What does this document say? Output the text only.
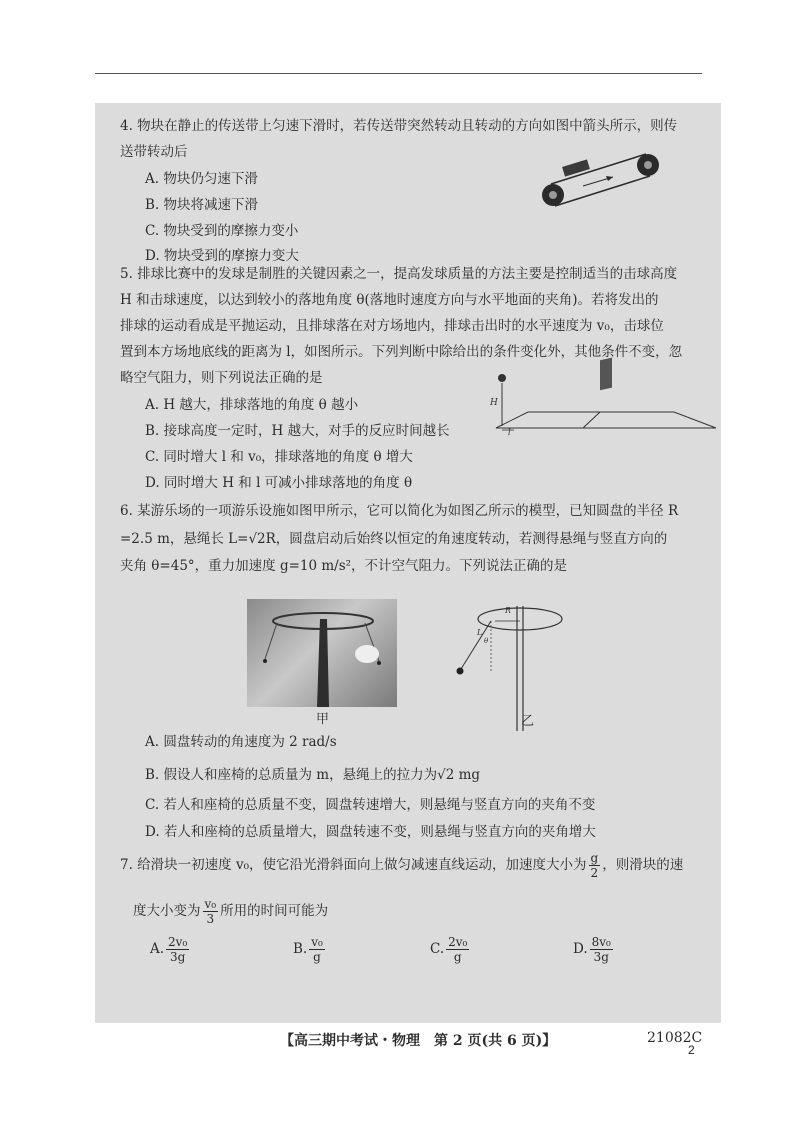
4. 物块在静止的传送带上匀速下滑时，若传送带突然转动且转动的方向如图中箭头所示，则传
送带转动后
A. 物块仍匀速下滑
B. 物块将减速下滑
C. 物块受到的摩擦力变小
D. 物块受到的摩擦力变大
5. 排球比赛中的发球是制胜的关键因素之一，提高发球质量的方法主要是控制适当的击球高度
H 和击球速度，以达到较小的落地角度 θ(落地时速度方向与水平地面的夹角)。若将发出的
排球的运动看成是平抛运动，且排球落在对方场地内，排球击出时的水平速度为 v₀，击球位
置到本方场地底线的距离为 l，如图所示。下列判断中除给出的条件变化外，其他条件不变，忽
略空气阻力，则下列说法正确的是
A. H 越大，排球落地的角度 θ 越小
B. 接球高度一定时，H 越大，对手的反应时间越长
C. 同时增大 l 和 v₀，排球落地的角度 θ 增大
D. 同时增大 H 和 l 可减小排球落地的角度 θ
H
l
6. 某游乐场的一项游乐设施如图甲所示，它可以简化为如图乙所示的模型，已知圆盘的半径 R
=2.5 m，悬绳长 L=√2R，圆盘启动后始终以恒定的角速度转动，若测得悬绳与竖直方向的
夹角 θ=45°，重力加速度 g=10 m/s²，不计空气阻力。下列说法正确的是
甲
R
L
θ
乙
A. 圆盘转动的角速度为 2 rad/s
B. 假设人和座椅的总质量为 m，悬绳上的拉力为√2 mg
C. 若人和座椅的总质量不变，圆盘转速增大，则悬绳与竖直方向的夹角不变
D. 若人和座椅的总质量增大，圆盘转速不变，则悬绳与竖直方向的夹角增大
7. 给滑块一初速度 v₀，使它沿光滑斜面向上做匀减速直线运动，加速度大小为 $\frac{g}{2}$ ，则滑块的速
度大小变为 $\frac{\text{v₀}}{3}$ 所用的时间可能为
A. $\frac{\text{2v₀}}{3g}$	B. $\frac{\text{v₀}}{g}$	C. $\frac{\text{2v₀}}{g}$	D. $\frac{\text{8v₀}}{3g}$
【高三期中考试・物理　第 2 页(共 6 页)】	21082C
2
